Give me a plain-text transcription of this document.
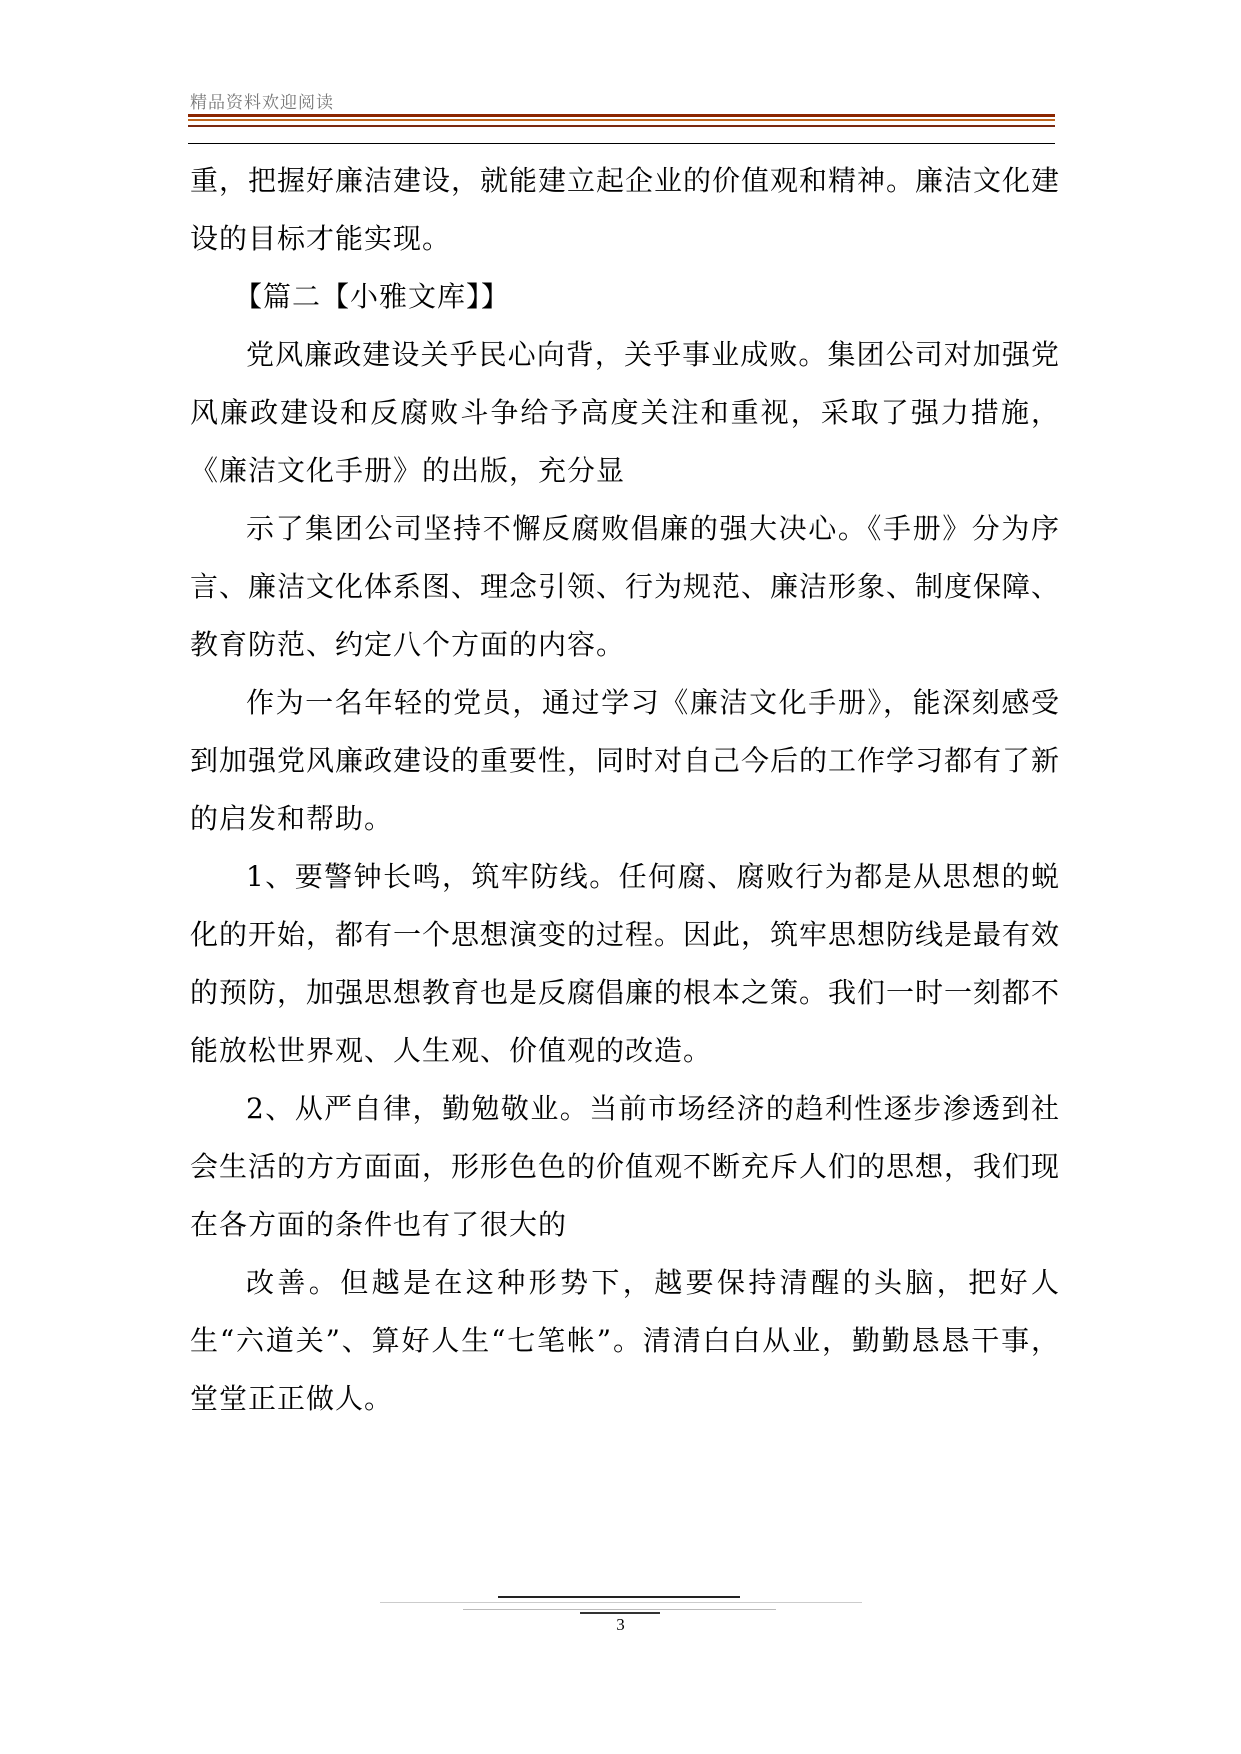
精品资料欢迎阅读

重，把握好廉洁建设，就能建立起企业的价值观和精神。廉洁文化建设的目标才能实现。

【篇二【小雅文库】】

党风廉政建设关乎民心向背，关乎事业成败。集团公司对加强党风廉政建设和反腐败斗争给予高度关注和重视，采取了强力措施，《廉洁文化手册》的出版，充分显

示了集团公司坚持不懈反腐败倡廉的强大决心。《手册》分为序言、廉洁文化体系图、理念引领、行为规范、廉洁形象、制度保障、教育防范、约定八个方面的内容。

作为一名年轻的党员，通过学习《廉洁文化手册》，能深刻感受到加强党风廉政建设的重要性，同时对自己今后的工作学习都有了新的启发和帮助。

1、要警钟长鸣，筑牢防线。任何腐、腐败行为都是从思想的蜕化的开始，都有一个思想演变的过程。因此，筑牢思想防线是最有效的预防，加强思想教育也是反腐倡廉的根本之策。我们一时一刻都不能放松世界观、人生观、价值观的改造。

2、从严自律，勤勉敬业。当前市场经济的趋利性逐步渗透到社会生活的方方面面，形形色色的价值观不断充斥人们的思想，我们现在各方面的条件也有了很大的

改善。但越是在这种形势下，越要保持清醒的头脑，把好人生“六道关”、算好人生“七笔帐”。清清白白从业，勤勤恳恳干事，堂堂正正做人。

3
